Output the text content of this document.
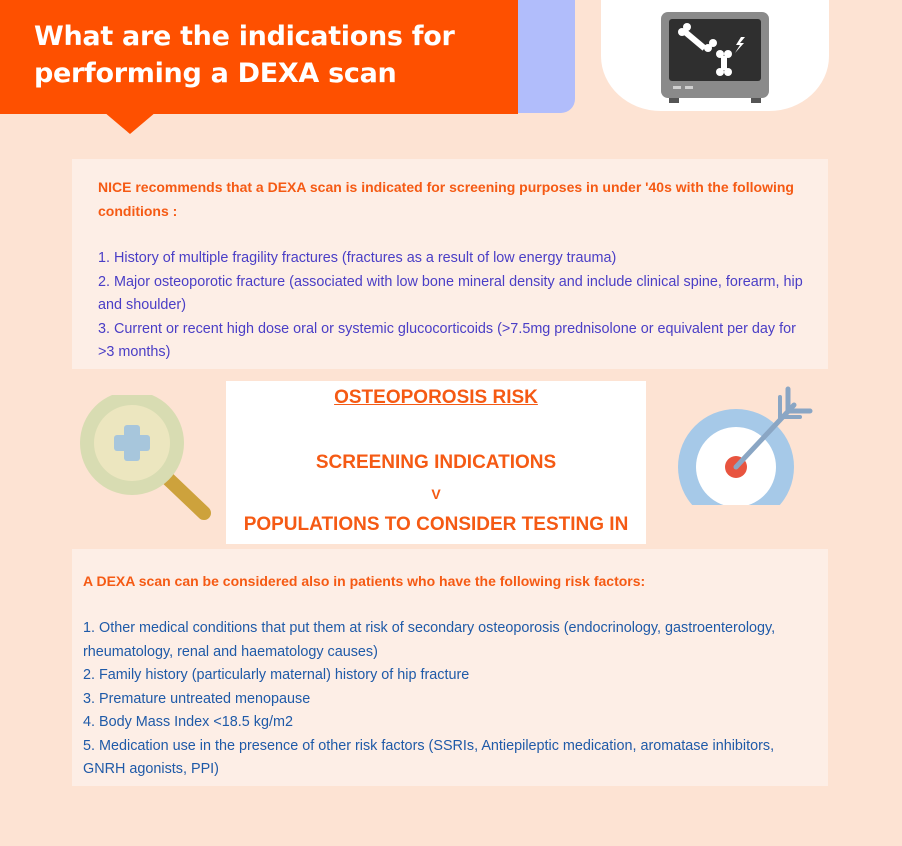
What are the indications for
performing a DEXA scan

NICE recommends that a DEXA scan is indicated for screening purposes in under '40s with the following conditions :

1. History of multiple fragility fractures (fractures as a result of low energy trauma)

2. Major osteoporotic fracture (associated with low bone mineral density and include clinical spine, forearm, hip and shoulder)

3. Current or recent high dose oral or systemic glucocorticoids (>7.5mg prednisolone or equivalent per day for >3 months)

OSTEOPOROSIS RISK
SCREENING INDICATIONS
V
POPULATIONS TO CONSIDER TESTING IN

A DEXA scan can be considered also in patients who have the following risk factors:

1. Other medical conditions that put them at risk of secondary osteoporosis (endocrinology, gastroenterology, rheumatology, renal and haematology causes)

2. Family history (particularly maternal) history of hip fracture

3. Premature untreated menopause

4. Body Mass Index <18.5 kg/m2

5. Medication use in the presence of other risk factors (SSRIs, Antiepileptic medication, aromatase inhibitors, GNRH agonists, PPI)
